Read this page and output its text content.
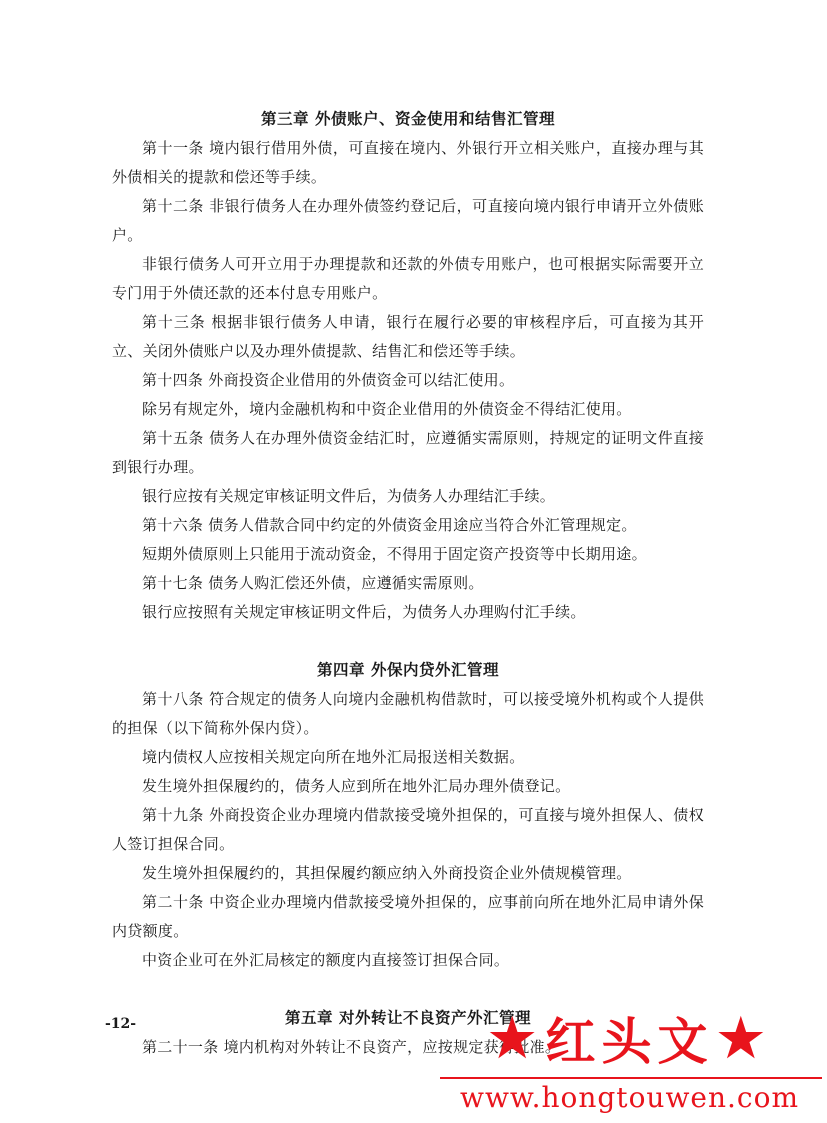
第三章 外债账户、资金使用和结售汇管理

第十一条 境内银行借用外债，可直接在境内、外银行开立相关账户，直接办理与其外债相关的提款和偿还等手续。

第十二条 非银行债务人在办理外债签约登记后，可直接向境内银行申请开立外债账户。

非银行债务人可开立用于办理提款和还款的外债专用账户，也可根据实际需要开立专门用于外债还款的还本付息专用账户。

第十三条 根据非银行债务人申请，银行在履行必要的审核程序后，可直接为其开立、关闭外债账户以及办理外债提款、结售汇和偿还等手续。

第十四条 外商投资企业借用的外债资金可以结汇使用。

除另有规定外，境内金融机构和中资企业借用的外债资金不得结汇使用。

第十五条 债务人在办理外债资金结汇时，应遵循实需原则，持规定的证明文件直接到银行办理。

银行应按有关规定审核证明文件后，为债务人办理结汇手续。

第十六条 债务人借款合同中约定的外债资金用途应当符合外汇管理规定。

短期外债原则上只能用于流动资金，不得用于固定资产投资等中长期用途。

第十七条 债务人购汇偿还外债，应遵循实需原则。

银行应按照有关规定审核证明文件后，为债务人办理购付汇手续。

第四章 外保内贷外汇管理

第十八条 符合规定的债务人向境内金融机构借款时，可以接受境外机构或个人提供的担保（以下简称外保内贷）。

境内债权人应按相关规定向所在地外汇局报送相关数据。

发生境外担保履约的，债务人应到所在地外汇局办理外债登记。

第十九条 外商投资企业办理境内借款接受境外担保的，可直接与境外担保人、债权人签订担保合同。

发生境外担保履约的，其担保履约额应纳入外商投资企业外债规模管理。

第二十条 中资企业办理境内借款接受境外担保的，应事前向所在地外汇局申请外保内贷额度。

中资企业可在外汇局核定的额度内直接签订担保合同。

第五章 对外转让不良资产外汇管理

第二十一条 境内机构对外转让不良资产，应按规定获得批准。

-12-	★ 红头文 ★
www.hongtouwen.com
